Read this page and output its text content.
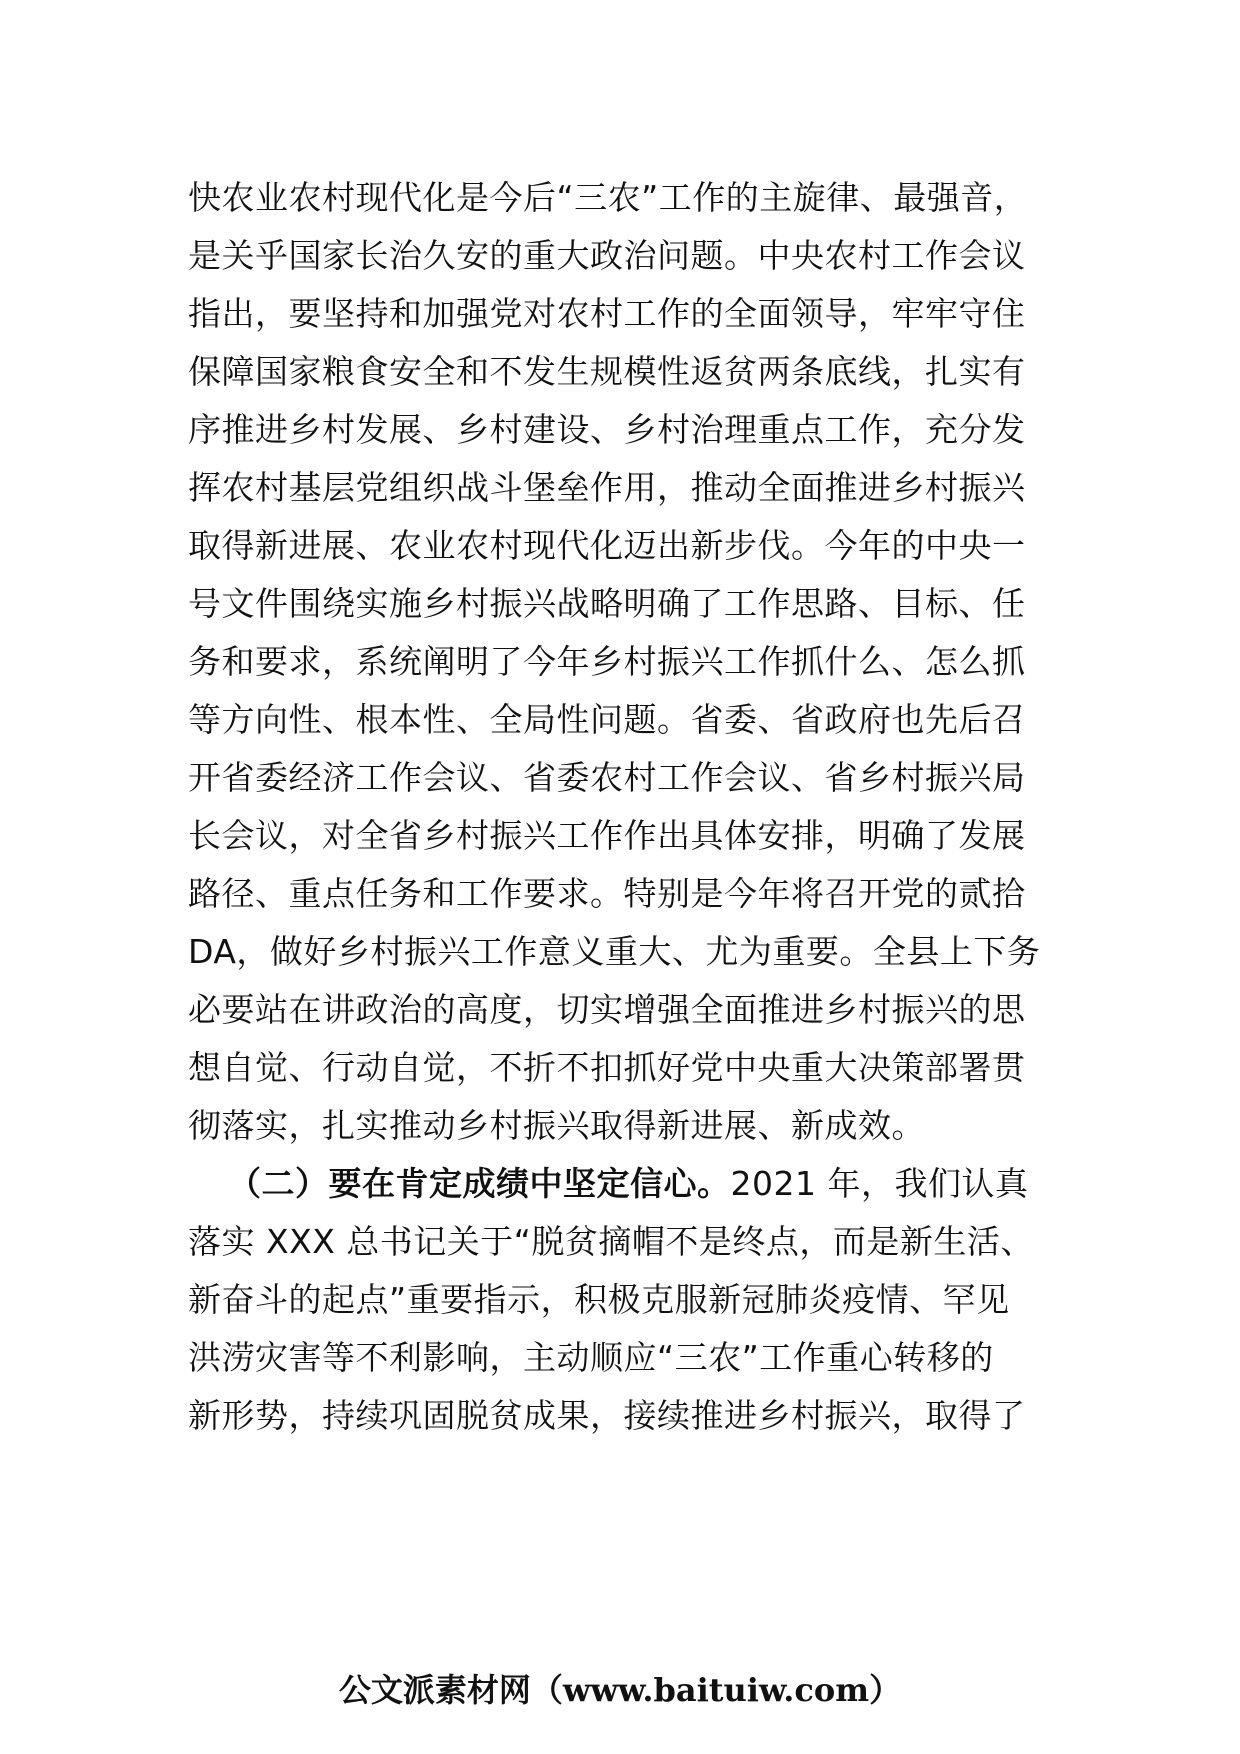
快农业农村现代化是今后“三农”工作的主旋律、最强音，
是关乎国家长治久安的重大政治问题。中央农村工作会议
指出，要坚持和加强党对农村工作的全面领导，牢牢守住
保障国家粮食安全和不发生规模性返贫两条底线，扎实有
序推进乡村发展、乡村建设、乡村治理重点工作，充分发
挥农村基层党组织战斗堡垒作用，推动全面推进乡村振兴
取得新进展、农业农村现代化迈出新步伐。今年的中央一
号文件围绕实施乡村振兴战略明确了工作思路、目标、任
务和要求，系统阐明了今年乡村振兴工作抓什么、怎么抓
等方向性、根本性、全局性问题。省委、省政府也先后召
开省委经济工作会议、省委农村工作会议、省乡村振兴局
长会议，对全省乡村振兴工作作出具体安排，明确了发展
路径、重点任务和工作要求。特别是今年将召开党的贰拾
DA，做好乡村振兴工作意义重大、尤为重要。全县上下务
必要站在讲政治的高度，切实增强全面推进乡村振兴的思
想自觉、行动自觉，不折不扣抓好党中央重大决策部署贯
彻落实，扎实推动乡村振兴取得新进展、新成效。
（二）要在肯定成绩中坚定信心。2021 年，我们认真
落实 XXX 总书记关于“脱贫摘帽不是终点，而是新生活、
新奋斗的起点”重要指示，积极克服新冠肺炎疫情、罕见
洪涝灾害等不利影响，主动顺应“三农”工作重心转移的
新形势，持续巩固脱贫成果，接续推进乡村振兴，取得了
公文派素材网（www.baituiw.com）
